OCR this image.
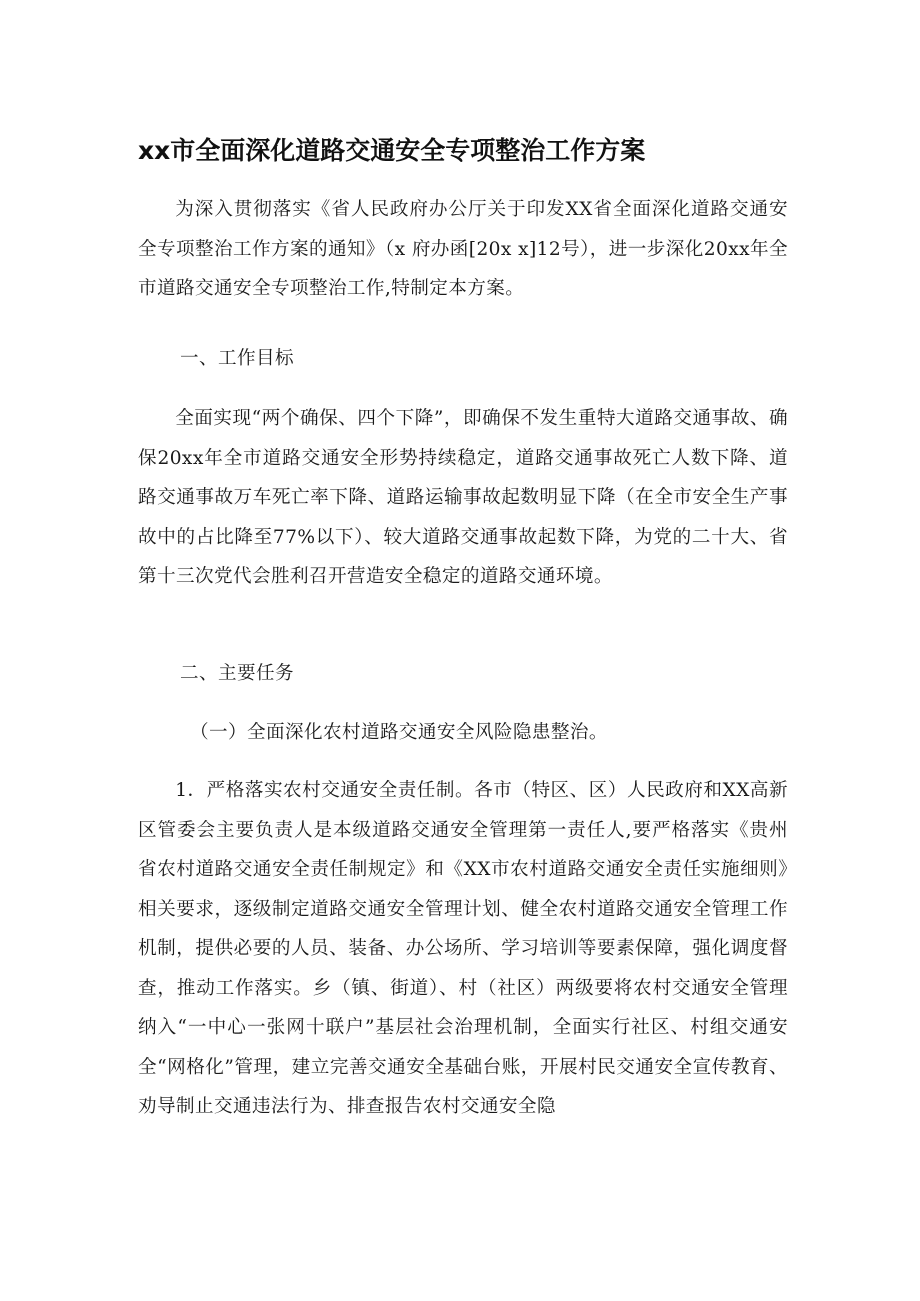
xx市全面深化道路交通安全专项整治工作方案

为深入贯彻落实《省人民政府办公厅关于印发XX省全面深化道路交通安全专项整治工作方案的通知》（x 府办函[20x x]12号），进一步深化20xx年全市道路交通安全专项整治工作,特制定本方案。

一、工作目标

全面实现“两个确保、四个下降”，即确保不发生重特大道路交通事故、确保20xx年全市道路交通安全形势持续稳定，道路交通事故死亡人数下降、道路交通事故万车死亡率下降、道路运输事故起数明显下降（在全市安全生产事故中的占比降至77%以下）、较大道路交通事故起数下降，为党的二十大、省第十三次党代会胜利召开营造安全稳定的道路交通环境。

二、主要任务
（一）全面深化农村道路交通安全风险隐患整治。

1．严格落实农村交通安全责任制。各市（特区、区）人民政府和XX高新区管委会主要负责人是本级道路交通安全管理第一责任人,要严格落实《贵州省农村道路交通安全责任制规定》和《XX市农村道路交通安全责任实施细则》相关要求，逐级制定道路交通安全管理计划、健全农村道路交通安全管理工作机制，提供必要的人员、装备、办公场所、学习培训等要素保障，强化调度督查，推动工作落实。乡（镇、街道）、村（社区）两级要将农村交通安全管理纳入“一中心一张网十联户”基层社会治理机制，全面实行社区、村组交通安全“网格化”管理，建立完善交通安全基础台账，开展村民交通安全宣传教育、劝导制止交通违法行为、排查报告农村交通安全隐
